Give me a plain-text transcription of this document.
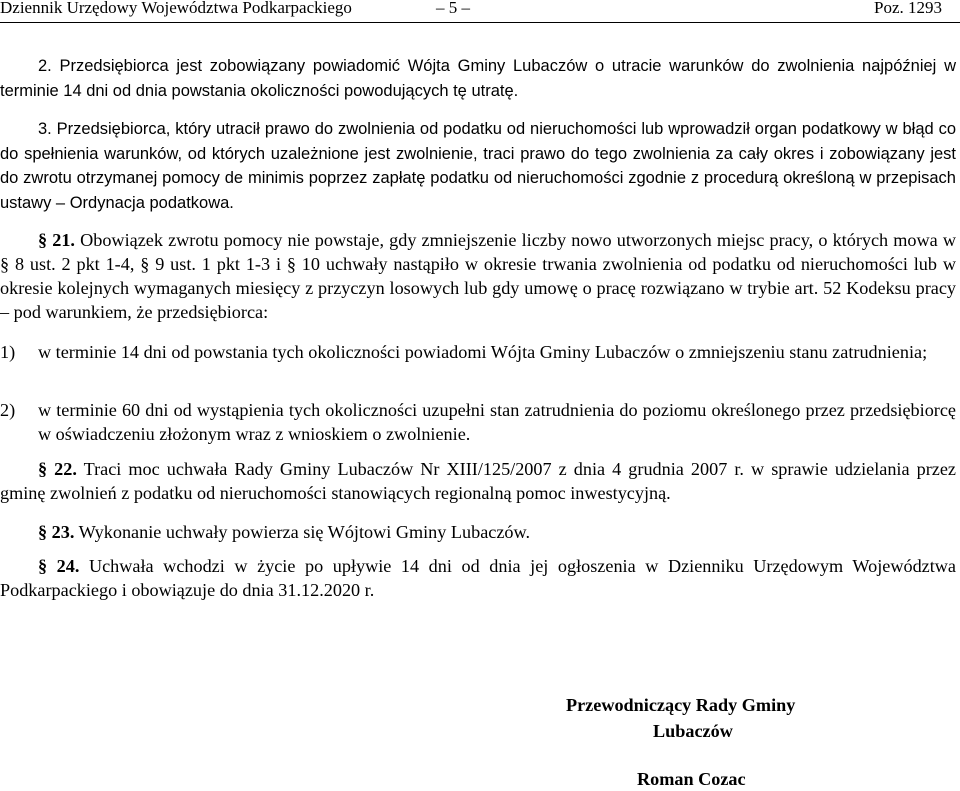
Dziennik Urzędowy Województwa Podkarpackiego	– 5 –	Poz. 1293

2. Przedsiębiorca jest zobowiązany powiadomić Wójta Gminy Lubaczów o utracie warunków do zwolnienia najpóźniej w terminie 14 dni od dnia powstania okoliczności powodujących tę utratę.

3. Przedsiębiorca, który utracił prawo do zwolnienia od podatku od nieruchomości lub wprowadził organ podatkowy w błąd co do spełnienia warunków, od których uzależnione jest zwolnienie, traci prawo do tego zwolnienia za cały okres i zobowiązany jest do zwrotu otrzymanej pomocy de minimis poprzez zapłatę podatku od nieruchomości zgodnie z procedurą określoną w przepisach ustawy – Ordynacja podatkowa.

§ 21. Obowiązek zwrotu pomocy nie powstaje, gdy zmniejszenie liczby nowo utworzonych miejsc pracy, o których mowa w § 8 ust. 2 pkt 1-4, § 9 ust. 1 pkt 1-3 i § 10 uchwały nastąpiło w okresie trwania zwolnienia od podatku od nieruchomości lub w okresie kolejnych wymaganych miesięcy z przyczyn losowych lub gdy umowę o pracę rozwiązano w trybie art. 52 Kodeksu pracy – pod warunkiem, że przedsiębiorca:

1) w terminie 14 dni od powstania tych okoliczności powiadomi Wójta Gminy Lubaczów o zmniejszeniu stanu zatrudnienia;
2) w terminie 60 dni od wystąpienia tych okoliczności uzupełni stan zatrudnienia do poziomu określonego przez przedsiębiorcę w oświadczeniu złożonym wraz z wnioskiem o zwolnienie.

§ 22. Traci moc uchwała Rady Gminy Lubaczów Nr XIII/125/2007 z dnia 4 grudnia 2007 r. w sprawie udzielania przez gminę zwolnień z podatku od nieruchomości stanowiących regionalną pomoc inwestycyjną.

§ 23. Wykonanie uchwały powierza się Wójtowi Gminy Lubaczów.

§ 24. Uchwała wchodzi w życie po upływie 14 dni od dnia jej ogłoszenia w Dzienniku Urzędowym Województwa Podkarpackiego i obowiązuje do dnia 31.12.2020 r.

Przewodniczący Rady Gminy
Lubaczów
Roman Cozac
